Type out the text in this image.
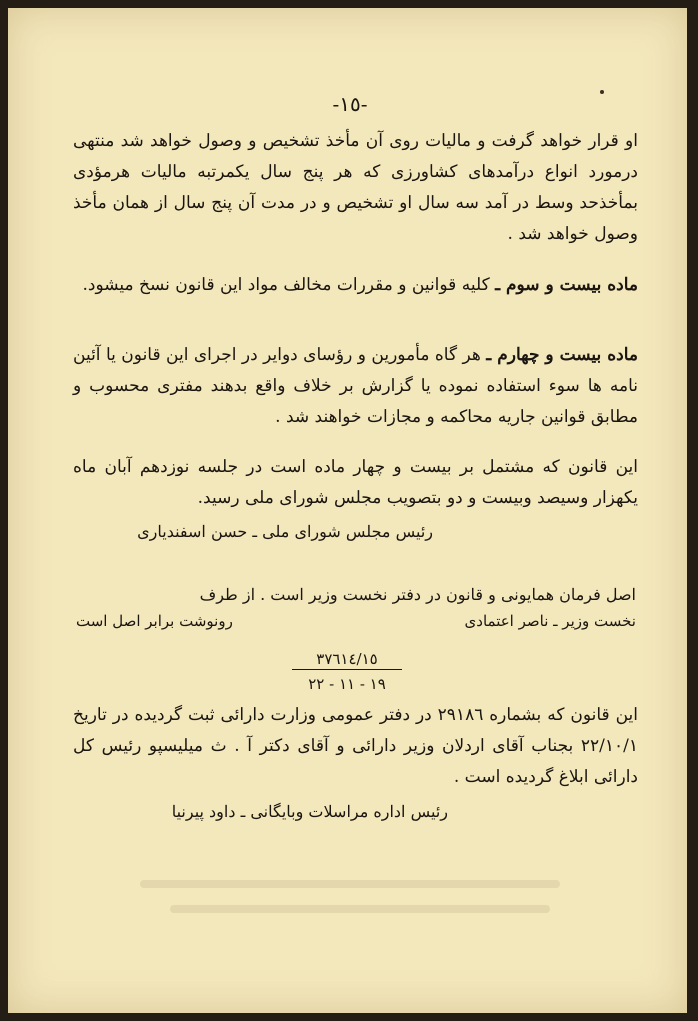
-١٥-
او قرار خواهد گرفت و مالیات روی آن مأخذ تشخیص و وصول خواهد شد منتهی درمورد انواع درآمدهای کشاورزی که هر پنج سال یکمرتبه مالیات هرمؤدی بمأخذحد وسط در آمد سه سال او تشخیص و در مدت آن پنج سال از همان مأخذ وصول خواهد شد .
ماده بیست و سوم ـ کلیه قوانین و مقررات مخالف مواد این قانون نسخ میشود.
ماده بیست و چهارم ـ هر گاه مأمورین و رؤسای دوایر در اجرای این قانون یا آئین نامه ها سوء استفاده نموده یا گزارش بر خلاف واقع بدهند مفتری محسوب و مطابق قوانین جاریه محاکمه و مجازات خواهند شد .
این قانون که مشتمل بر بیست و چهار ماده است در جلسه نوزدهم آبان ماه یکهزار وسیصد وبیست و دو بتصویب مجلس شورای ملی رسید.
رئیس مجلس شورای ملی ـ حسن اسفندیاری
اصل فرمان همایونی و قانون در دفتر نخست وزیر است . از طرف
نخست وزیر ـ ناصر اعتمادی
رونوشت برابر اصل است
٣٧٦١٤/١٥
١٩ - ١١ - ٢٢
این قانون که بشماره ٢٩١٨٦ در دفتر عمومی وزارت دارائی ثبت گردیده در تاریخ ٢٢/١٠/١ بجناب آقای اردلان وزیر دارائی و آقای دکتر آ . ث میلیسپو رئیس کل دارائی ابلاغ گردیده است .
رئیس اداره مراسلات وبایگانی ـ داود پیرنیا
